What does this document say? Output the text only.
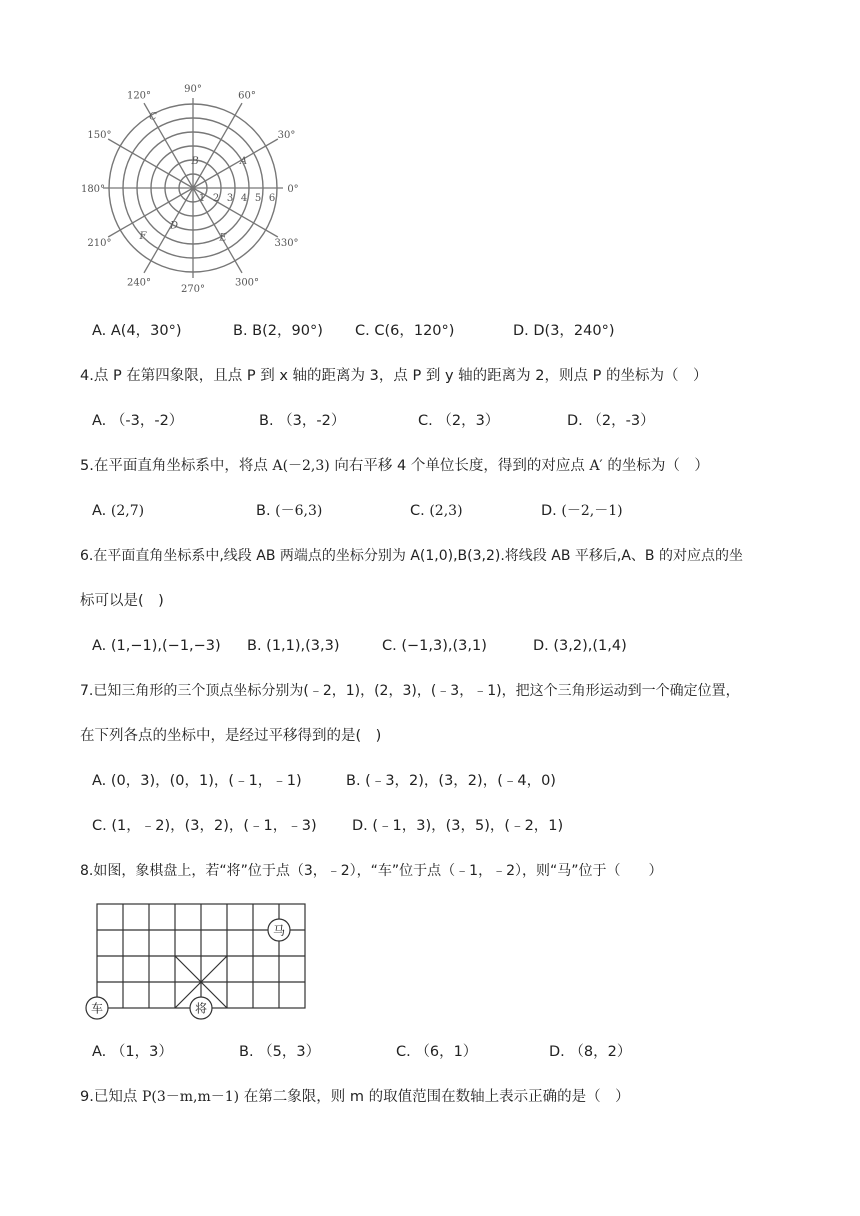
90°
60°
30°
0°
330°
300°
270°
240°
210°
180°
150°
120°
1 2 3 4 5 6
A
B
C
D
E
F
A. A(4，30°)	B. B(2，90°) C. C(6，120°)	D. D(3，240°)
4.点 P 在第四象限，且点 P 到 x 轴的距离为 3，点 P 到 y 轴的距离为 2，则点 P 的坐标为（　）
A. （-3，-2）	B. （3，-2）	C. （2，3）	D. （2，-3）
5.在平面直角坐标系中，将点 A(－2,3) 向右平移 4 个单位长度，得到的对应点 A′ 的坐标为（　）
A. (2,7)	B. (－6,3)	C. (2,3)	D. (－2,－1)
6.在平面直角坐标系中,线段 AB 两端点的坐标分别为 A(1,0),B(3,2).将线段 AB 平移后,A、B 的对应点的坐
标可以是(　)
A. (1,−1),(−1,−3) B. (1,1),(3,3)	C. (−1,3),(3,1)	D. (3,2),(1,4)
7.已知三角形的三个顶点坐标分别为(﹣2，1)，(2，3)，(﹣3，﹣1)，把这个三角形运动到一个确定位置，
在下列各点的坐标中，是经过平移得到的是(　)
A. (0，3)，(0，1)，(﹣1，﹣1)	B. (﹣3，2)，(3，2)，(﹣4，0)
C. (1，﹣2)，(3，2)，(﹣1，﹣3) D. (﹣1，3)，(3，5)，(﹣2，1)
8.如图，象棋盘上，若“将”位于点（3，﹣2），“车”位于点（﹣1，﹣2），则“马”位于（　　）
马
将
车
A. （1，3）	B. （5，3）	C. （6，1）	D. （8，2）
9.已知点 P(3－m,m－1) 在第二象限，则 m 的取值范围在数轴上表示正确的是（　）
